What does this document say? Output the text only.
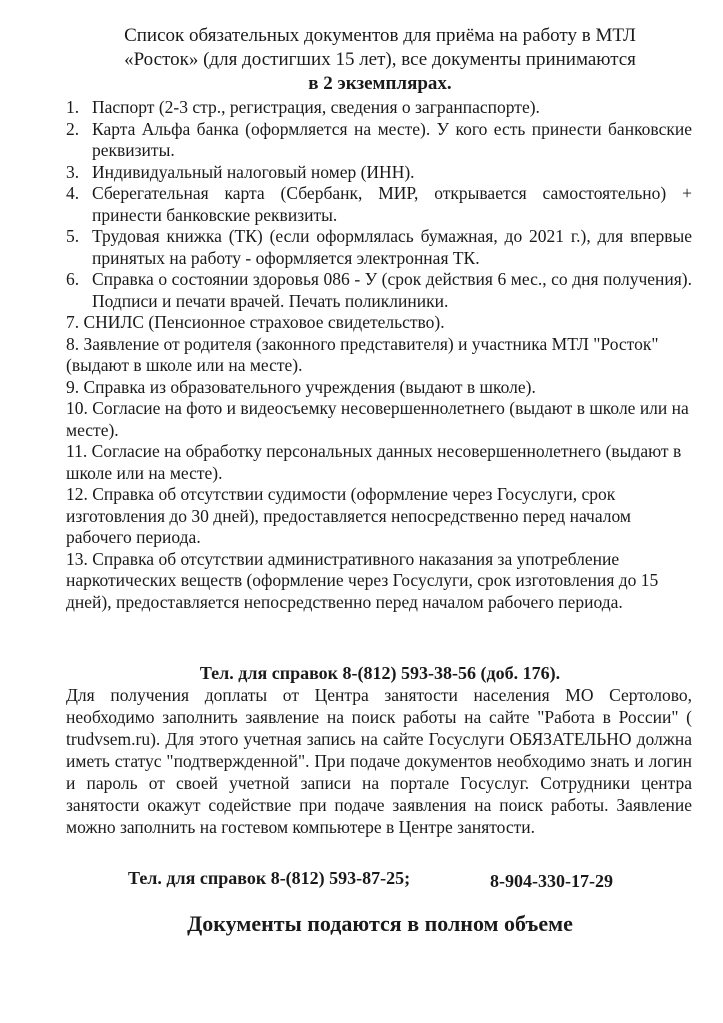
Список обязательных документов для приёма на работу в МТЛ
«Росток» (для достигших 15 лет), все документы принимаются
в 2 экземплярах.
1. Паспорт (2-3 стр., регистрация, сведения о загранпаспорте).
2. Карта Альфа банка (оформляется на месте). У кого есть принести банковские реквизиты.
3. Индивидуальный налоговый номер (ИНН).
4. Сберегательная карта (Сбербанк, МИР, открывается самостоятельно) + принести банковские реквизиты.
5. Трудовая книжка (ТК) (если оформлялась бумажная, до 2021 г.), для впервые принятых на работу - оформляется электронная ТК.
6. Справка о состоянии здоровья 086 - У (срок действия 6 мес., со дня получения). Подписи и печати врачей. Печать поликлиники.
7. СНИЛС (Пенсионное страховое свидетельство).
8. Заявление от родителя (законного представителя) и участника МТЛ "Росток" (выдают в школе или на месте).
9. Справка из образовательного учреждения (выдают в школе).
10. Согласие на фото и видеосъемку несовершеннолетнего (выдают в школе или на месте).
11. Согласие на обработку персональных данных несовершеннолетнего (выдают в школе или на месте).
12. Справка об отсутствии судимости (оформление через Госуслуги, срок изготовления до 30 дней), предоставляется непосредственно перед началом рабочего периода.
13. Справка об отсутствии административного наказания за употребление наркотических веществ (оформление через Госуслуги, срок изготовления до 15 дней), предоставляется непосредственно перед началом рабочего периода.
Тел. для справок 8-(812) 593-38-56 (доб. 176).
Для получения доплаты от Центра занятости населения МО Сертолово, необходимо заполнить заявление на поиск работы на сайте "Работа в России" ( trudvsem.ru). Для этого учетная запись на сайте Госуслуги ОБЯЗАТЕЛЬНО должна иметь статус "подтвержденной". При подаче документов необходимо знать и логин и пароль от своей учетной записи на портале Госуслуг. Сотрудники центра занятости окажут содействие при подаче заявления на поиск работы. Заявление можно заполнить на гостевом компьютере в Центре занятости.
Тел. для справок 8-(812) 593-87-25;	8-904-330-17-29
Документы подаются в полном объеме
